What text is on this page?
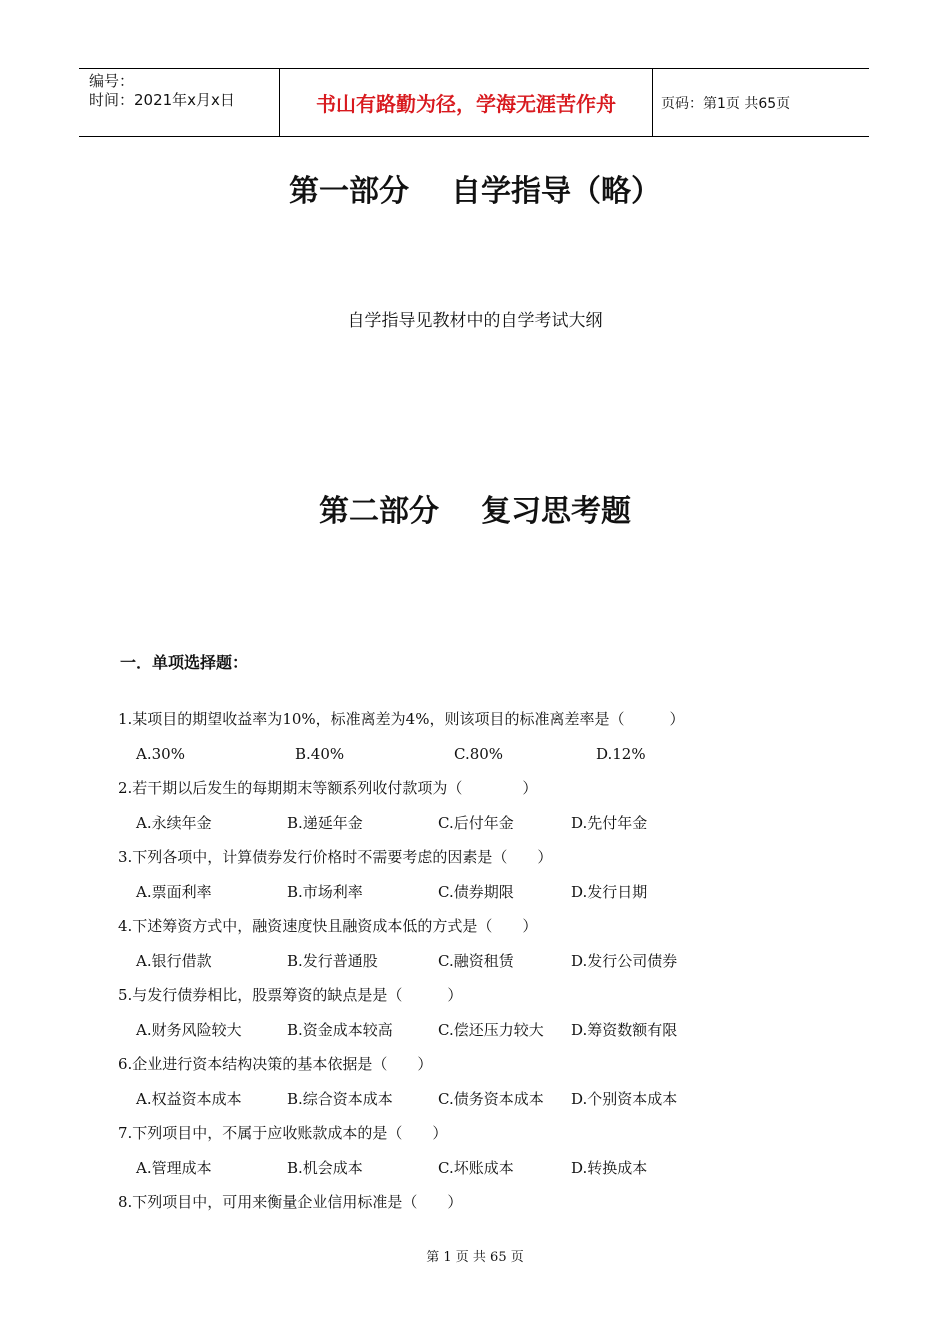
编号：
时间：2021年x月x日	书山有路勤为径，学海无涯苦作舟	页码：第1页 共65页
第一部分 自学指导（略）
自学指导见教材中的自学考试大纲
第二部分 复习思考题
一．单项选择题：
1.某项目的期望收益率为10%，标准离差为4%，则该项目的标准离差率是（　　　）
A.30%	B.40%	C.80%	D.12%
2.若干期以后发生的每期期末等额系列收付款项为（　　　　）
A.永续年金	B.递延年金	C.后付年金	D.先付年金
3.下列各项中，计算债券发行价格时不需要考虑的因素是（　　）
A.票面利率	B.市场利率	C.债券期限	D.发行日期
4.下述筹资方式中，融资速度快且融资成本低的方式是（　　）
A.银行借款	B.发行普通股	C.融资租赁	D.发行公司债券
5.与发行债券相比，股票筹资的缺点是是（　　　）
A.财务风险较大	B.资金成本较高	C.偿还压力较大 D.筹资数额有限
6.企业进行资本结构决策的基本依据是（　　）
A.权益资本成本	B.综合资本成本	C.债务资本成本 D.个别资本成本
7.下列项目中，不属于应收账款成本的是（　　）
A.管理成本	B.机会成本	C.坏账成本	D.转换成本
8.下列项目中，可用来衡量企业信用标准是（　　）
第 1 页 共 65 页
